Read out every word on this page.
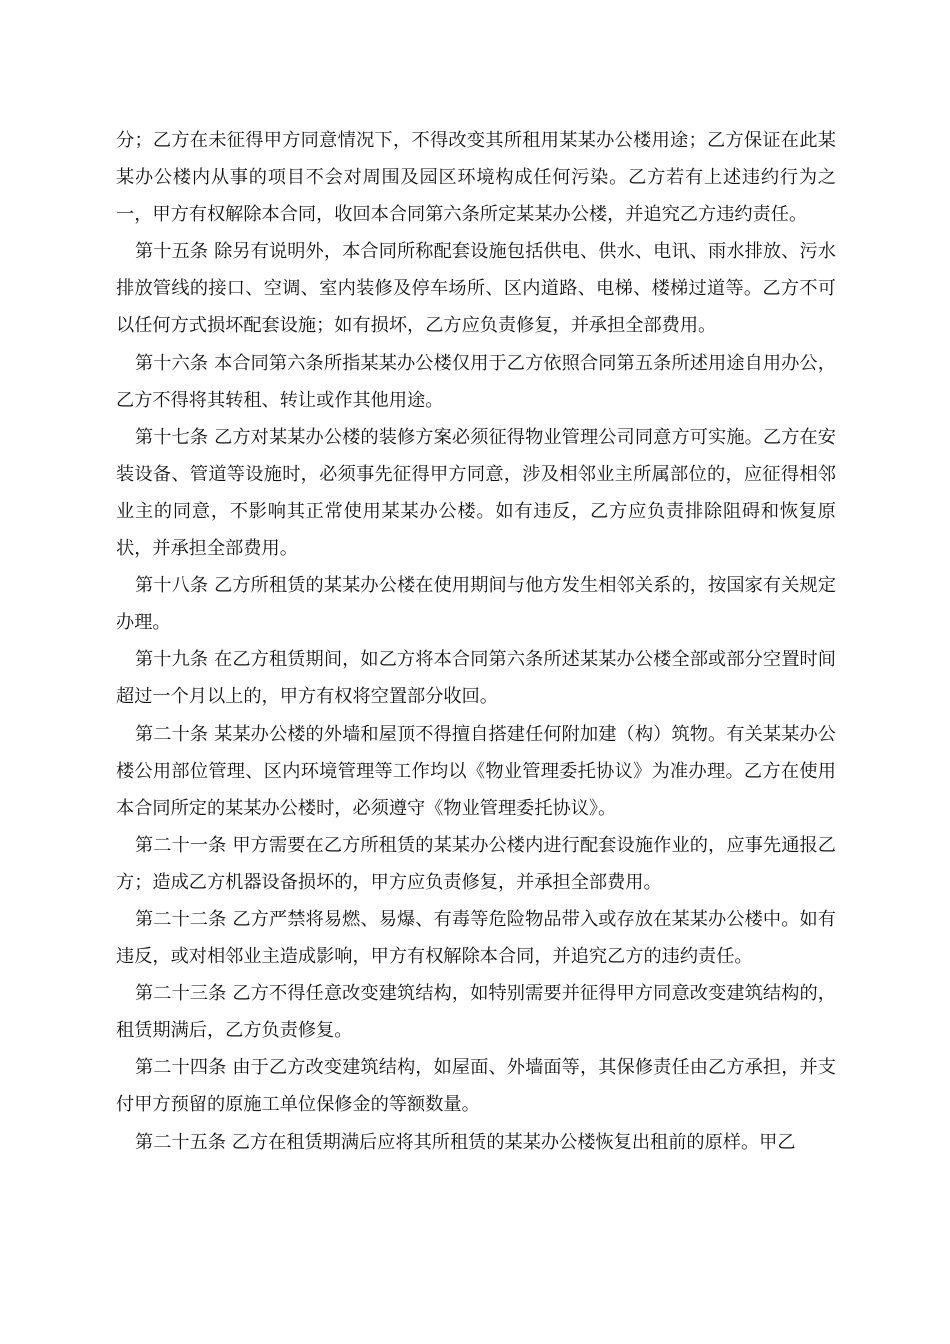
分；乙方在未征得甲方同意情况下，不得改变其所租用某某办公楼用途；乙方保证在此某某办公楼内从事的项目不会对周围及园区环境构成任何污染。乙方若有上述违约行为之一，甲方有权解除本合同，收回本合同第六条所定某某办公楼，并追究乙方违约责任。

第十五条 除另有说明外，本合同所称配套设施包括供电、供水、电讯、雨水排放、污水排放管线的接口、空调、室内装修及停车场所、区内道路、电梯、楼梯过道等。乙方不可以任何方式损坏配套设施；如有损坏，乙方应负责修复，并承担全部费用。

第十六条 本合同第六条所指某某办公楼仅用于乙方依照合同第五条所述用途自用办公，乙方不得将其转租、转让或作其他用途。

第十七条 乙方对某某办公楼的装修方案必须征得物业管理公司同意方可实施。乙方在安装设备、管道等设施时，必须事先征得甲方同意，涉及相邻业主所属部位的，应征得相邻业主的同意，不影响其正常使用某某办公楼。如有违反，乙方应负责排除阻碍和恢复原状，并承担全部费用。

第十八条 乙方所租赁的某某办公楼在使用期间与他方发生相邻关系的，按国家有关规定办理。

第十九条 在乙方租赁期间，如乙方将本合同第六条所述某某办公楼全部或部分空置时间超过一个月以上的，甲方有权将空置部分收回。

第二十条 某某办公楼的外墙和屋顶不得擅自搭建任何附加建（构）筑物。有关某某办公楼公用部位管理、区内环境管理等工作均以《物业管理委托协议》为准办理。乙方在使用本合同所定的某某办公楼时，必须遵守《物业管理委托协议》。

第二十一条 甲方需要在乙方所租赁的某某办公楼内进行配套设施作业的，应事先通报乙方；造成乙方机器设备损坏的，甲方应负责修复，并承担全部费用。

第二十二条 乙方严禁将易燃、易爆、有毒等危险物品带入或存放在某某办公楼中。如有违反，或对相邻业主造成影响，甲方有权解除本合同，并追究乙方的违约责任。

第二十三条 乙方不得任意改变建筑结构，如特别需要并征得甲方同意改变建筑结构的，租赁期满后，乙方负责修复。

第二十四条 由于乙方改变建筑结构，如屋面、外墙面等，其保修责任由乙方承担，并支付甲方预留的原施工单位保修金的等额数量。

第二十五条 乙方在租赁期满后应将其所租赁的某某办公楼恢复出租前的原样。甲乙
